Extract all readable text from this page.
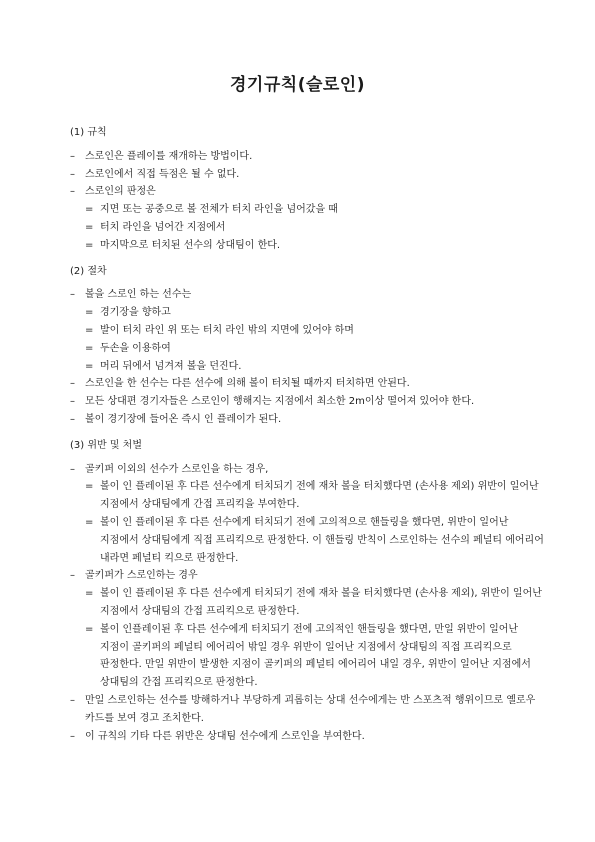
경기규칙(슬로인)
(1) 규칙
–	스로인은 플레이를 재개하는 방법이다.
–	스로인에서 직접 득점은 될 수 없다.
–	스로인의 판정은
= 지면 또는 공중으로 볼 전체가 터치 라인을 넘어갔을 때
= 터치 라인을 넘어간 지점에서
= 마지막으로 터치된 선수의 상대팀이 한다.
(2) 절차
–	볼을 스로인 하는 선수는
= 경기장을 향하고
= 발이 터치 라인 위 또는 터치 라인 밖의 지면에 있어야 하며
= 두손을 이용하여
= 머리 뒤에서 넘겨져 볼을 던진다.
–	스로인을 한 선수는 다른 선수에 의해 볼이 터치될 때까지 터치하면 안된다.
–	모든 상대편 경기자들은 스로인이 행해지는 지점에서 최소한 2m이상 떨어져 있어야 한다.
–	볼이 경기장에 들어온 즉시 인 플레이가 된다.
(3) 위반 및 처벌
–	골키퍼 이외의 선수가 스로인을 하는 경우,
= 볼이 인 플레이된 후 다른 선수에게 터치되기 전에 재차 볼을 터치했다면 (손사용 제외) 위반이 일어난 지점에서 상대팀에게 간접 프리킥을 부여한다.
= 볼이 인 플레이된 후 다른 선수에게 터치되기 전에 고의적으로 핸들링을 했다면, 위반이 일어난 지점에서 상대팀에게 직접 프리킥으로 판정한다. 이 핸들링 반칙이 스로인하는 선수의 페널티 에어리어 내라면 페널티 킥으로 판정한다.
–	골키퍼가 스로인하는 경우
= 볼이 인 플레이된 후 다른 선수에게 터치되기 전에 재차 볼을 터치했다면 (손사용 제외), 위반이 일어난 지점에서 상대팀의 간접 프리킥으로 판정한다.
= 볼이 인플레이된 후 다른 선수에게 터치되기 전에 고의적인 핸들링을 했다면, 만일 위반이 일어난 지점이 골키퍼의 페널티 에어리어 밖일 경우 위반이 일어난 지점에서 상대팀의 직접 프리킥으로 판정한다. 만일 위반이 발생한 지점이 골키퍼의 페널티 에어리어 내일 경우, 위반이 일어난 지점에서 상대팀의 간접 프리킥으로 판정한다.
–	만일 스로인하는 선수를 방해하거나 부당하게 괴롭히는 상대 선수에게는 반 스포츠적 행위이므로 옐로우 카드를 보여 경고 조치한다.
–	이 규칙의 기타 다른 위반은 상대팀 선수에게 스로인을 부여한다.
